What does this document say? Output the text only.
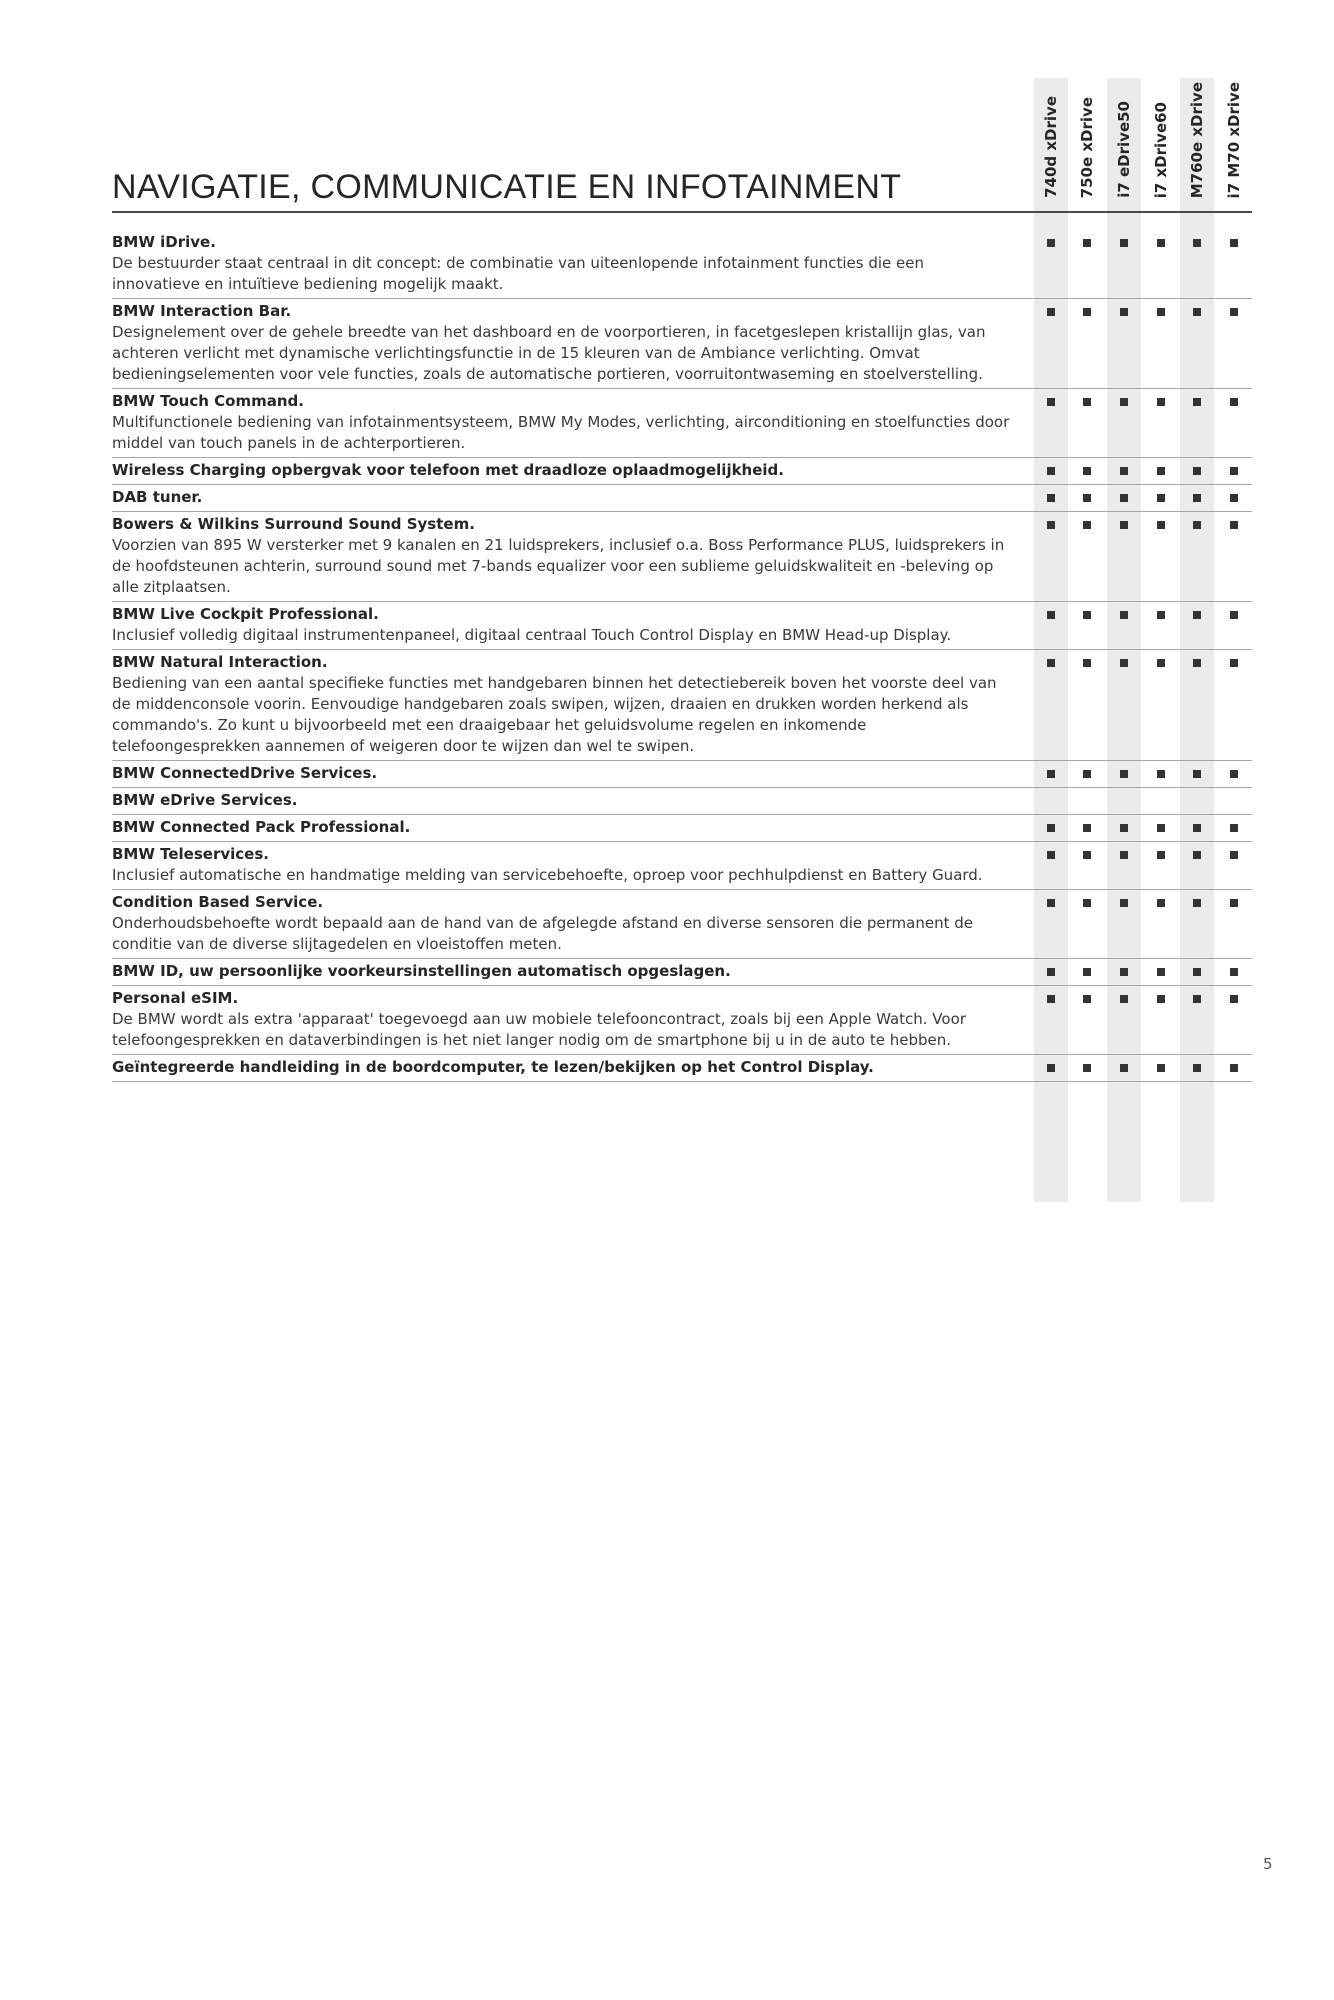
740d xDrive 750e xDrive i7 eDrive50 i7 xDrive60 M760e xDrive i7 M70 xDrive
NAVIGATIE, COMMUNICATIE EN INFOTAINMENT
BMW iDrive.
De bestuurder staat centraal in dit concept: de combinatie van uiteenlopende infotainment functies die een innovatieve en intuïtieve bediening mogelijk maakt.
BMW Interaction Bar.
Designelement over de gehele breedte van het dashboard en de voorportieren, in facetgeslepen kristallijn glas, van achteren verlicht met dynamische verlichtingsfunctie in de 15 kleuren van de Ambiance verlichting. Omvat bedieningselementen voor vele functies, zoals de automatische portieren, voorruitontwaseming en stoelverstelling.
BMW Touch Command.
Multifunctionele bediening van infotainmentsysteem, BMW My Modes, verlichting, airconditioning en stoelfuncties door middel van touch panels in de achterportieren.
Wireless Charging opbergvak voor telefoon met draadloze oplaadmogelijkheid.
DAB tuner.
Bowers & Wilkins Surround Sound System.
Voorzien van 895 W versterker met 9 kanalen en 21 luidsprekers, inclusief o.a. Boss Performance PLUS, luidsprekers in de hoofdsteunen achterin, surround sound met 7-bands equalizer voor een sublieme geluidskwaliteit en -beleving op alle zitplaatsen.
BMW Live Cockpit Professional.
Inclusief volledig digitaal instrumentenpaneel, digitaal centraal Touch Control Display en BMW Head-up Display.
BMW Natural Interaction.
Bediening van een aantal specifieke functies met handgebaren binnen het detectiebereik boven het voorste deel van de middenconsole voorin. Eenvoudige handgebaren zoals swipen, wijzen, draaien en drukken worden herkend als commando's. Zo kunt u bijvoorbeeld met een draaigebaar het geluidsvolume regelen en inkomende telefoongesprekken aannemen of weigeren door te wijzen dan wel te swipen.
BMW ConnectedDrive Services.
BMW eDrive Services.
BMW Connected Pack Professional.
BMW Teleservices.
Inclusief automatische en handmatige melding van servicebehoefte, oproep voor pechhulpdienst en Battery Guard.
Condition Based Service.
Onderhoudsbehoefte wordt bepaald aan de hand van de afgelegde afstand en diverse sensoren die permanent de conditie van de diverse slijtagedelen en vloeistoffen meten.
BMW ID, uw persoonlijke voorkeursinstellingen automatisch opgeslagen.
Personal eSIM.
De BMW wordt als extra 'apparaat' toegevoegd aan uw mobiele telefooncontract, zoals bij een Apple Watch. Voor telefoongesprekken en dataverbindingen is het niet langer nodig om de smartphone bij u in de auto te hebben.
Geïntegreerde handleiding in de boordcomputer, te lezen/bekijken op het Control Display.
5
